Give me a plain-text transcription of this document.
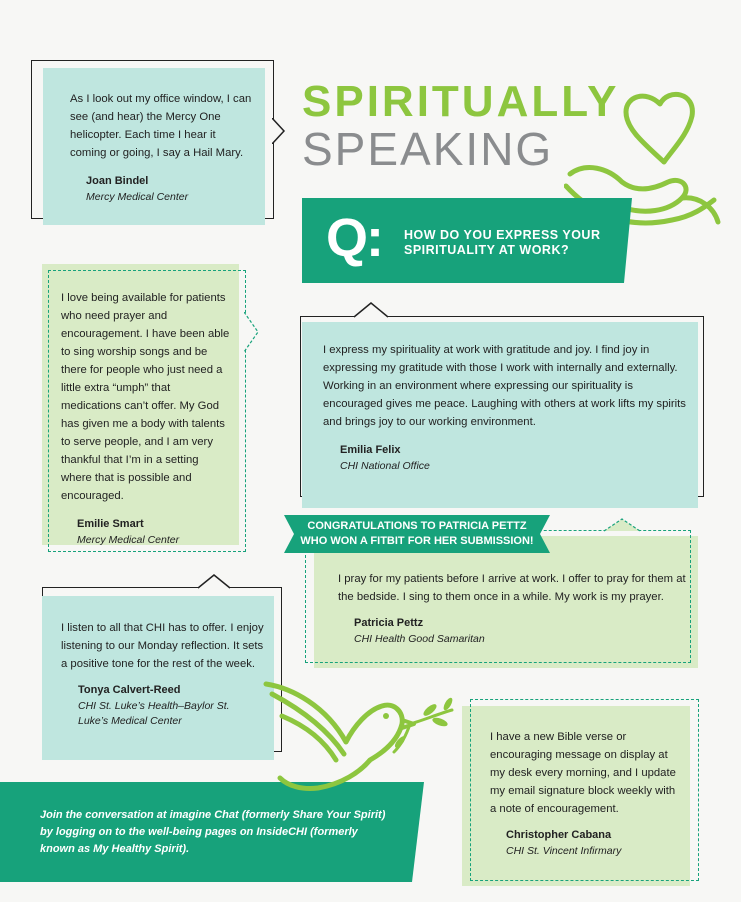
As I look out my office window, I can see (and hear) the Mercy One helicopter. Each time I hear it coming or going, I say a Hail Mary.

Joan Bindel
Mercy Medical Center
SPIRITUALLY
SPEAKING
Q: HOW DO YOU EXPRESS YOUR
SPIRITUALITY AT WORK?

I love being available for patients who need prayer and encouragement. I have been able to sing worship songs and be there for people who just need a little extra “umph” that medications can’t offer. My God has given me a body with talents to serve people, and I am very thankful that I’m in a setting where that is possible and encouraged.

Emilie Smart
Mercy Medical Center

I express my spirituality at work with gratitude and joy. I find joy in expressing my gratitude with those I work with internally and externally. Working in an environment where expressing our spirituality is encouraged gives me peace. Laughing with others at work lifts my spirits and brings joy to our working environment.

Emilia Felix
CHI National Office

I pray for my patients before I arrive at work. I offer to pray for them at the bedside. I sing to them once in a while. My work is my prayer.

Patricia Pettz
CHI Health Good Samaritan
CONGRATULATIONS TO PATRICIA PETTZ
WHO WON A FITBIT FOR HER SUBMISSION!

I listen to all that CHI has to offer. I enjoy listening to our Monday reflection. It sets a positive tone for the rest of the week.

Tonya Calvert-Reed
CHI St. Luke’s Health–Baylor St. Luke’s Medical Center

I have a new Bible verse or encouraging message on display at my desk every morning, and I update my email signature block weekly with a note of encouragement.

Christopher Cabana
CHI St. Vincent Infirmary
Join the conversation at imagine Chat (formerly Share Your Spirit) by logging on to the well-being pages on InsideCHI (formerly known as My Healthy Spirit).
